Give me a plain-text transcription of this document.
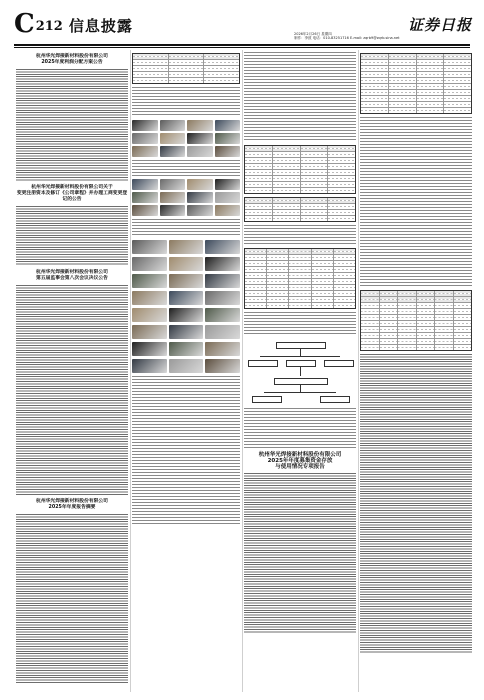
C 212 信息披露	2026年2月26日 星期四
制作：李波 电话：010-83251716 E-mail: zqrb9@zqrb.sina.net
证券日报
杭州华光焊接新材料股份有限公司
2025年度利润分配方案公告
杭州华光焊接新材料股份有限公司关于
变更注册资本及修订《公司章程》并办理工商变更登记的公告
杭州华光焊接新材料股份有限公司
第五届监事会第八次会议决议公告
杭州华光焊接新材料股份有限公司
2025年年度报告摘要
杭州华光焊接新材料股份有限公司
2025年年度募集资金存放
与使用情况专项报告
